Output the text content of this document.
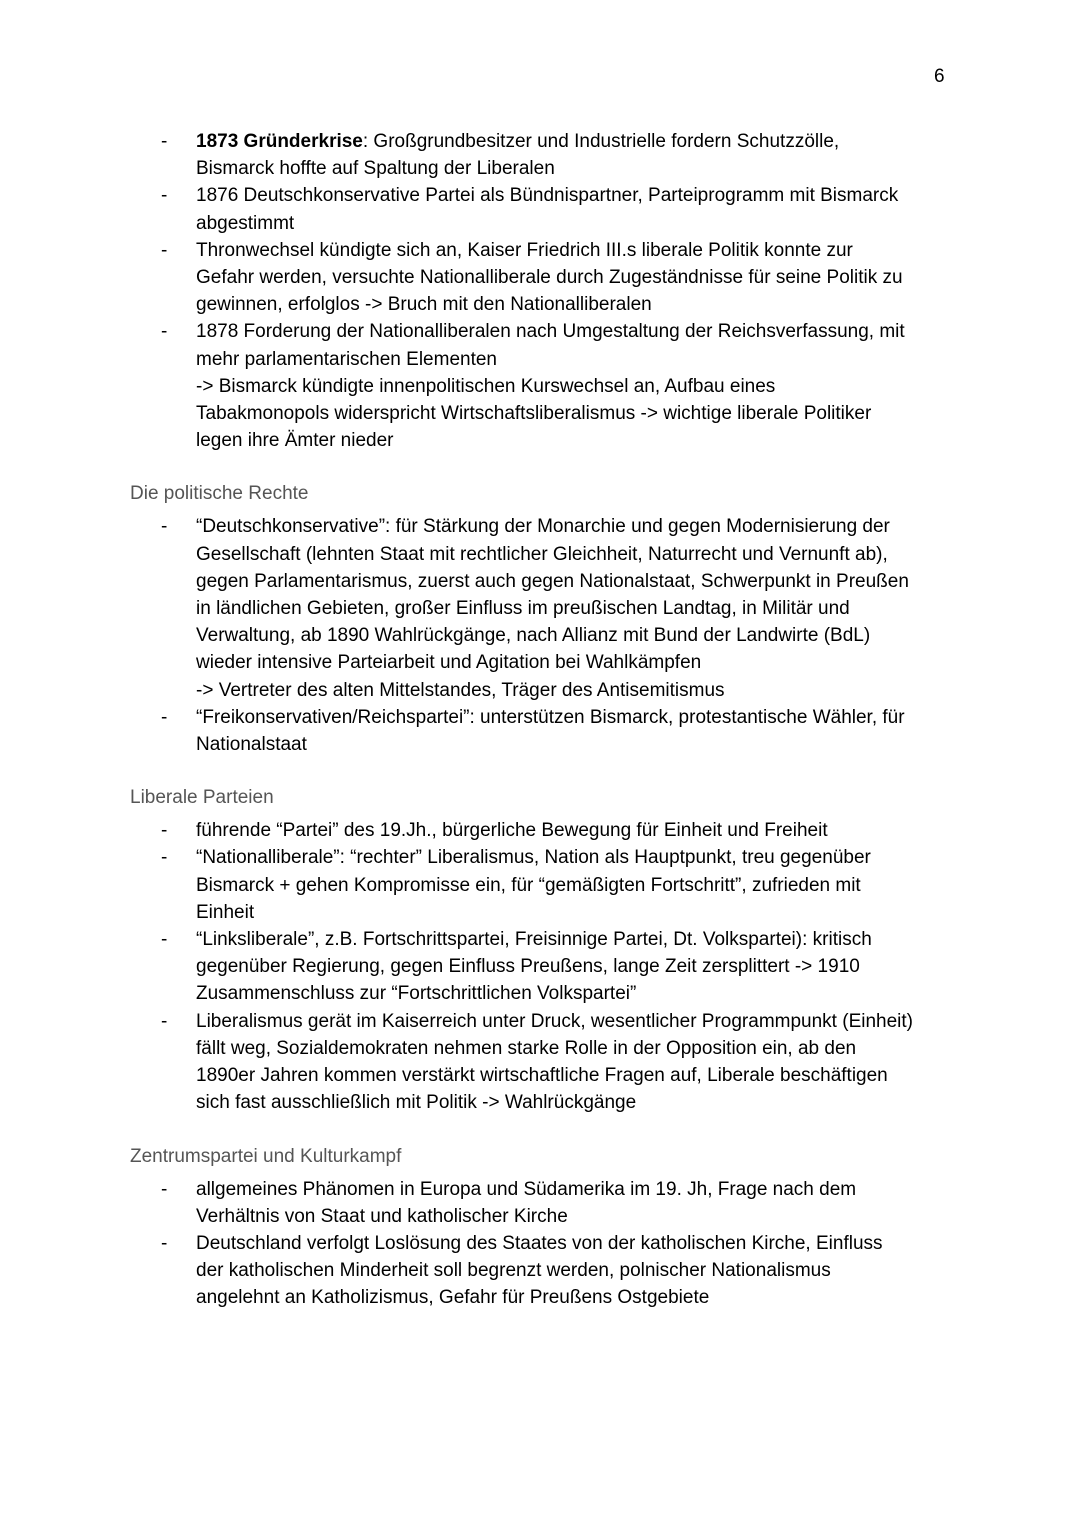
6
- 1873 Gründerkrise: Großgrundbesitzer und Industrielle fordern Schutzzölle,
Bismarck hoffte auf Spaltung der Liberalen
- 1876 Deutschkonservative Partei als Bündnispartner, Parteiprogramm mit Bismarck
abgestimmt
- Thronwechsel kündigte sich an, Kaiser Friedrich III.s liberale Politik konnte zur
Gefahr werden, versuchte Nationalliberale durch Zugeständnisse für seine Politik zu
gewinnen, erfolglos -> Bruch mit den Nationalliberalen
- 1878 Forderung der Nationalliberalen nach Umgestaltung der Reichsverfassung, mit
mehr parlamentarischen Elementen
-> Bismarck kündigte innenpolitischen Kurswechsel an, Aufbau eines
Tabakmonopols widerspricht Wirtschaftsliberalismus -> wichtige liberale Politiker
legen ihre Ämter nieder
Die politische Rechte
- “Deutschkonservative”: für Stärkung der Monarchie und gegen Modernisierung der
Gesellschaft (lehnten Staat mit rechtlicher Gleichheit, Naturrecht und Vernunft ab),
gegen Parlamentarismus, zuerst auch gegen Nationalstaat, Schwerpunkt in Preußen
in ländlichen Gebieten, großer Einfluss im preußischen Landtag, in Militär und
Verwaltung, ab 1890 Wahlrückgänge, nach Allianz mit Bund der Landwirte (BdL)
wieder intensive Parteiarbeit und Agitation bei Wahlkämpfen
-> Vertreter des alten Mittelstandes, Träger des Antisemitismus
- “Freikonservativen/Reichspartei”: unterstützen Bismarck, protestantische Wähler, für
Nationalstaat
Liberale Parteien
- führende “Partei” des 19.Jh., bürgerliche Bewegung für Einheit und Freiheit
- “Nationalliberale”: “rechter” Liberalismus, Nation als Hauptpunkt, treu gegenüber
Bismarck + gehen Kompromisse ein, für “gemäßigten Fortschritt”, zufrieden mit
Einheit
- “Linksliberale”, z.B. Fortschrittspartei, Freisinnige Partei, Dt. Volkspartei): kritisch
gegenüber Regierung, gegen Einfluss Preußens, lange Zeit zersplittert -> 1910
Zusammenschluss zur “Fortschrittlichen Volkspartei”
- Liberalismus gerät im Kaiserreich unter Druck, wesentlicher Programmpunkt (Einheit)
fällt weg, Sozialdemokraten nehmen starke Rolle in der Opposition ein, ab den
1890er Jahren kommen verstärkt wirtschaftliche Fragen auf, Liberale beschäftigen
sich fast ausschließlich mit Politik -> Wahlrückgänge
Zentrumspartei und Kulturkampf
- allgemeines Phänomen in Europa und Südamerika im 19. Jh, Frage nach dem
Verhältnis von Staat und katholischer Kirche
- Deutschland verfolgt Loslösung des Staates von der katholischen Kirche, Einfluss
der katholischen Minderheit soll begrenzt werden, polnischer Nationalismus
angelehnt an Katholizismus, Gefahr für Preußens Ostgebiete
